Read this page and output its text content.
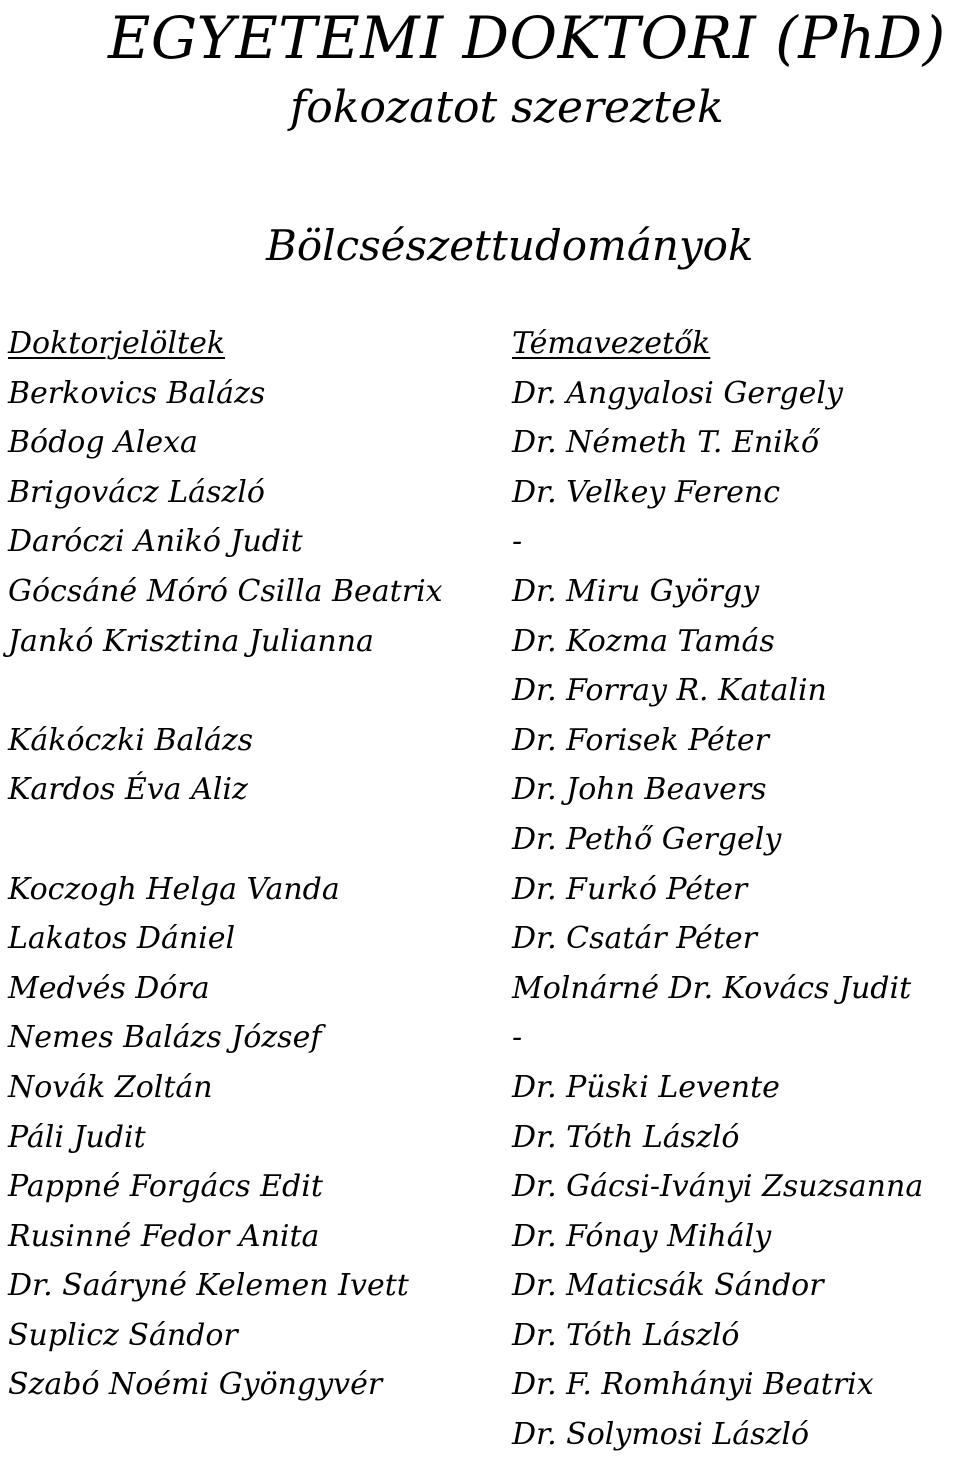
EGYETEMI DOKTORI (PhD)
fokozatot szereztek
Bölcsészettudományok
Doktorjelöltek
Berkovics Balázs
Bódog Alexa
Brigovácz László
Daróczi Anikó Judit
Gócsáné Móró Csilla Beatrix
Jankó Krisztina Julianna
Kákóczki Balázs
Kardos Éva Aliz
Koczogh Helga Vanda
Lakatos Dániel
Medvés Dóra
Nemes Balázs József
Novák Zoltán
Páli Judit
Pappné Forgács Edit
Rusinné Fedor Anita
Dr. Saáryné Kelemen Ivett
Suplicz Sándor
Szabó Noémi Gyöngyvér
Témavezetők
Dr. Angyalosi Gergely
Dr. Németh T. Enikő
Dr. Velkey Ferenc
-
Dr. Miru György
Dr. Kozma Tamás
Dr. Forray R. Katalin
Dr. Forisek Péter
Dr. John Beavers
Dr. Pethő Gergely
Dr. Furkó Péter
Dr. Csatár Péter
Molnárné Dr. Kovács Judit
-
Dr. Püski Levente
Dr. Tóth László
Dr. Gácsi-Iványi Zsuzsanna
Dr. Fónay Mihály
Dr. Maticsák Sándor
Dr. Tóth László
Dr. F. Romhányi Beatrix
Dr. Solymosi László
